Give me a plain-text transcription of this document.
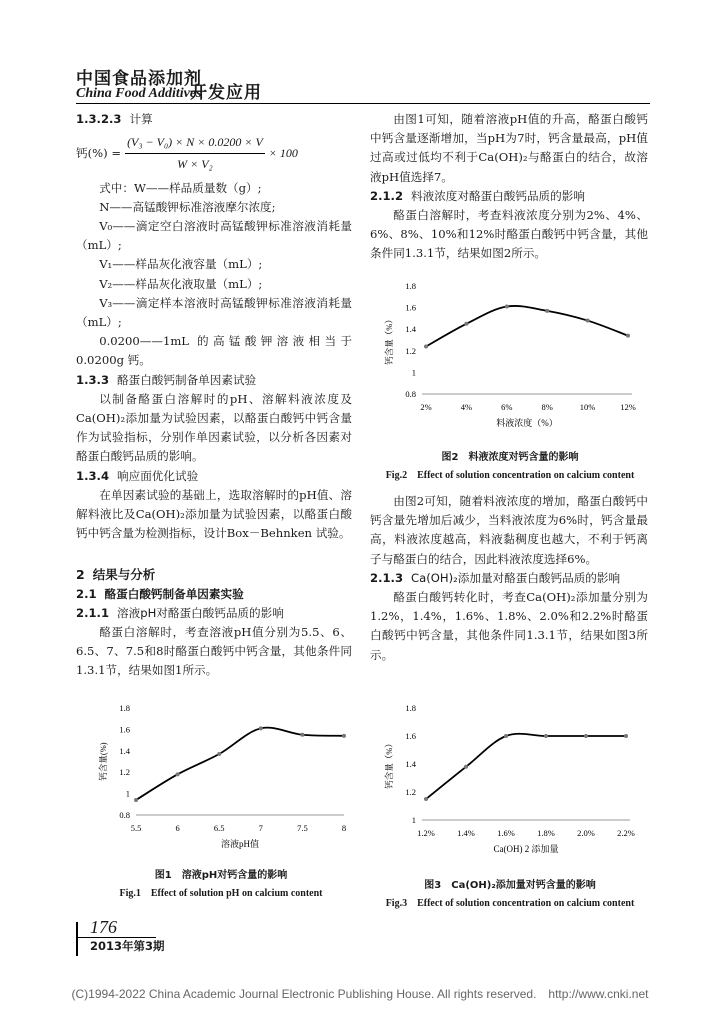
中国食品添加剂
China Food Additives
开发应用
1.3.2.3 计算
钙(%) = $\frac{\text{(V₃ − V₀) × N × 0.0200 × V}}{\text{W × V₂}} \times 100$

式中：W——样品质量数（g）;

N——高锰酸钾标准溶液摩尔浓度;

V₀——滴定空白溶液时高锰酸钾标准溶液消耗量（mL）;

V₁——样品灰化液容量（mL）;

V₂——样品灰化液取量（mL）;

V₃——滴定样本溶液时高锰酸钾标准溶液消耗量（mL）;

0.0200——1mL 的高锰酸钾溶液相当于0.0200g 钙。

1.3.3 酪蛋白酸钙制备单因素试验

以制备酪蛋白溶解时的pH、溶解料液浓度及Ca(OH)₂添加量为试验因素，以酪蛋白酸钙中钙含量作为试验指标，分别作单因素试验，以分析各因素对酪蛋白酸钙品质的影响。

1.3.4 响应面优化试验

在单因素试验的基础上，选取溶解时的pH值、溶解料液比及Ca(OH)₂添加量为试验因素，以酪蛋白酸钙中钙含量为检测指标，设计Box－Behnken 试验。

2 结果与分析
2.1 酪蛋白酸钙制备单因素实验
2.1.1 溶液pH对酪蛋白酸钙品质的影响

酪蛋白溶解时，考查溶液pH值分别为5.5、6、6.5、7、7.5和8时酪蛋白酸钙中钙含量，其他条件同1.3.1节，结果如图1所示。

0.8
1
1.2
1.4
1.6
1.8
5.5	6	6.5	7	7.5	8
溶液pH值
钙含量(%)
图1　溶液pH对钙含量的影响
Fig.1　Effect of solution pH on calcium content

由图1可知，随着溶液pH值的升高，酪蛋白酸钙中钙含量逐渐增加，当pH为7时，钙含量最高，pH值过高或过低均不利于Ca(OH)₂与酪蛋白的结合，故溶液pH值选择7。

2.1.2 料液浓度对酪蛋白酸钙品质的影响

酪蛋白溶解时，考查料液浓度分别为2%、4%、6%、8%、10%和12%时酪蛋白酸钙中钙含量，其他条件同1.3.1节，结果如图2所示。

0.8
1
1.2
1.4
1.6
1.8
2%	4%	6%	8%	10%	12%
料液浓度（%）
钙含量（%）
图2　料液浓度对钙含量的影响
Fig.2　Effect of solution concentration on calcium content

由图2可知，随着料液浓度的增加，酪蛋白酸钙中钙含量先增加后减少，当料液浓度为6%时，钙含量最高，料液浓度越高，料液黏稠度也越大，不利于钙离子与酪蛋白的结合，因此料液浓度选择6%。

2.1.3 Ca(OH)₂添加量对酪蛋白酸钙品质的影响

酪蛋白酸钙转化时，考查Ca(OH)₂添加量分别为1.2%，1.4%，1.6%、1.8%、2.0%和2.2%时酪蛋白酸钙中钙含量，其他条件同1.3.1节，结果如图3所示。

1
1.2
1.4
1.6
1.8
1.2%	1.4%	1.6%	1.8%	2.0%	2.2%
Ca(OH) 2 添加量
钙含量（%）
图3　Ca(OH)₂添加量对钙含量的影响
Fig.3　Effect of solution concentration on calcium content
176
2013年第3期
(C)1994-2022 China Academic Journal Electronic Publishing House. All rights reserved.　http://www.cnki.net
